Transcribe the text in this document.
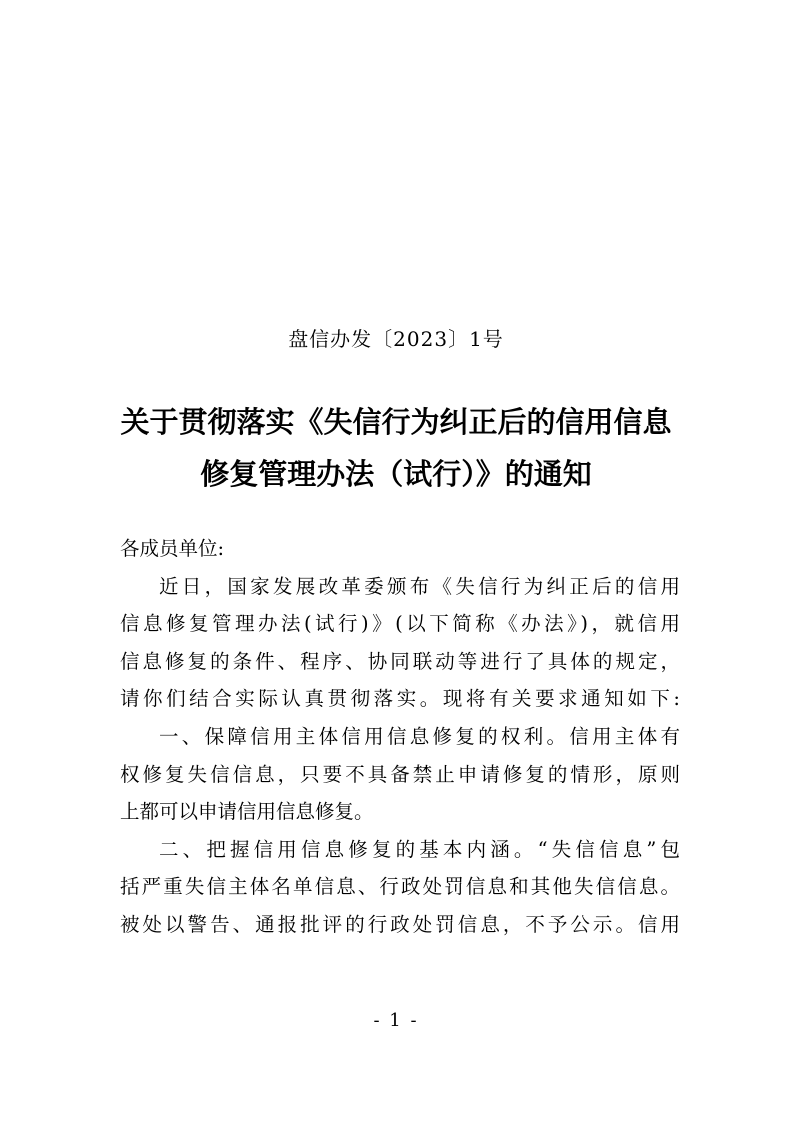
盘信办发〔2023〕1号
关于贯彻落实《失信行为纠正后的信用信息
修复管理办法（试行）》的通知
各成员单位:
近日，国家发展改革委颁布《失信行为纠正后的信用
信息修复管理办法(试行)》(以下简称《办法》)，就信用
信息修复的条件、程序、协同联动等进行了具体的规定，
请你们结合实际认真贯彻落实。现将有关要求通知如下:
一、保障信用主体信用信息修复的权利。信用主体有
权修复失信信息，只要不具备禁止申请修复的情形，原则
上都可以申请信用信息修复。
二、把握信用信息修复的基本内涵。“失信信息”包
括严重失信主体名单信息、行政处罚信息和其他失信信息。
被处以警告、通报批评的行政处罚信息，不予公示。信用
- 1 -
